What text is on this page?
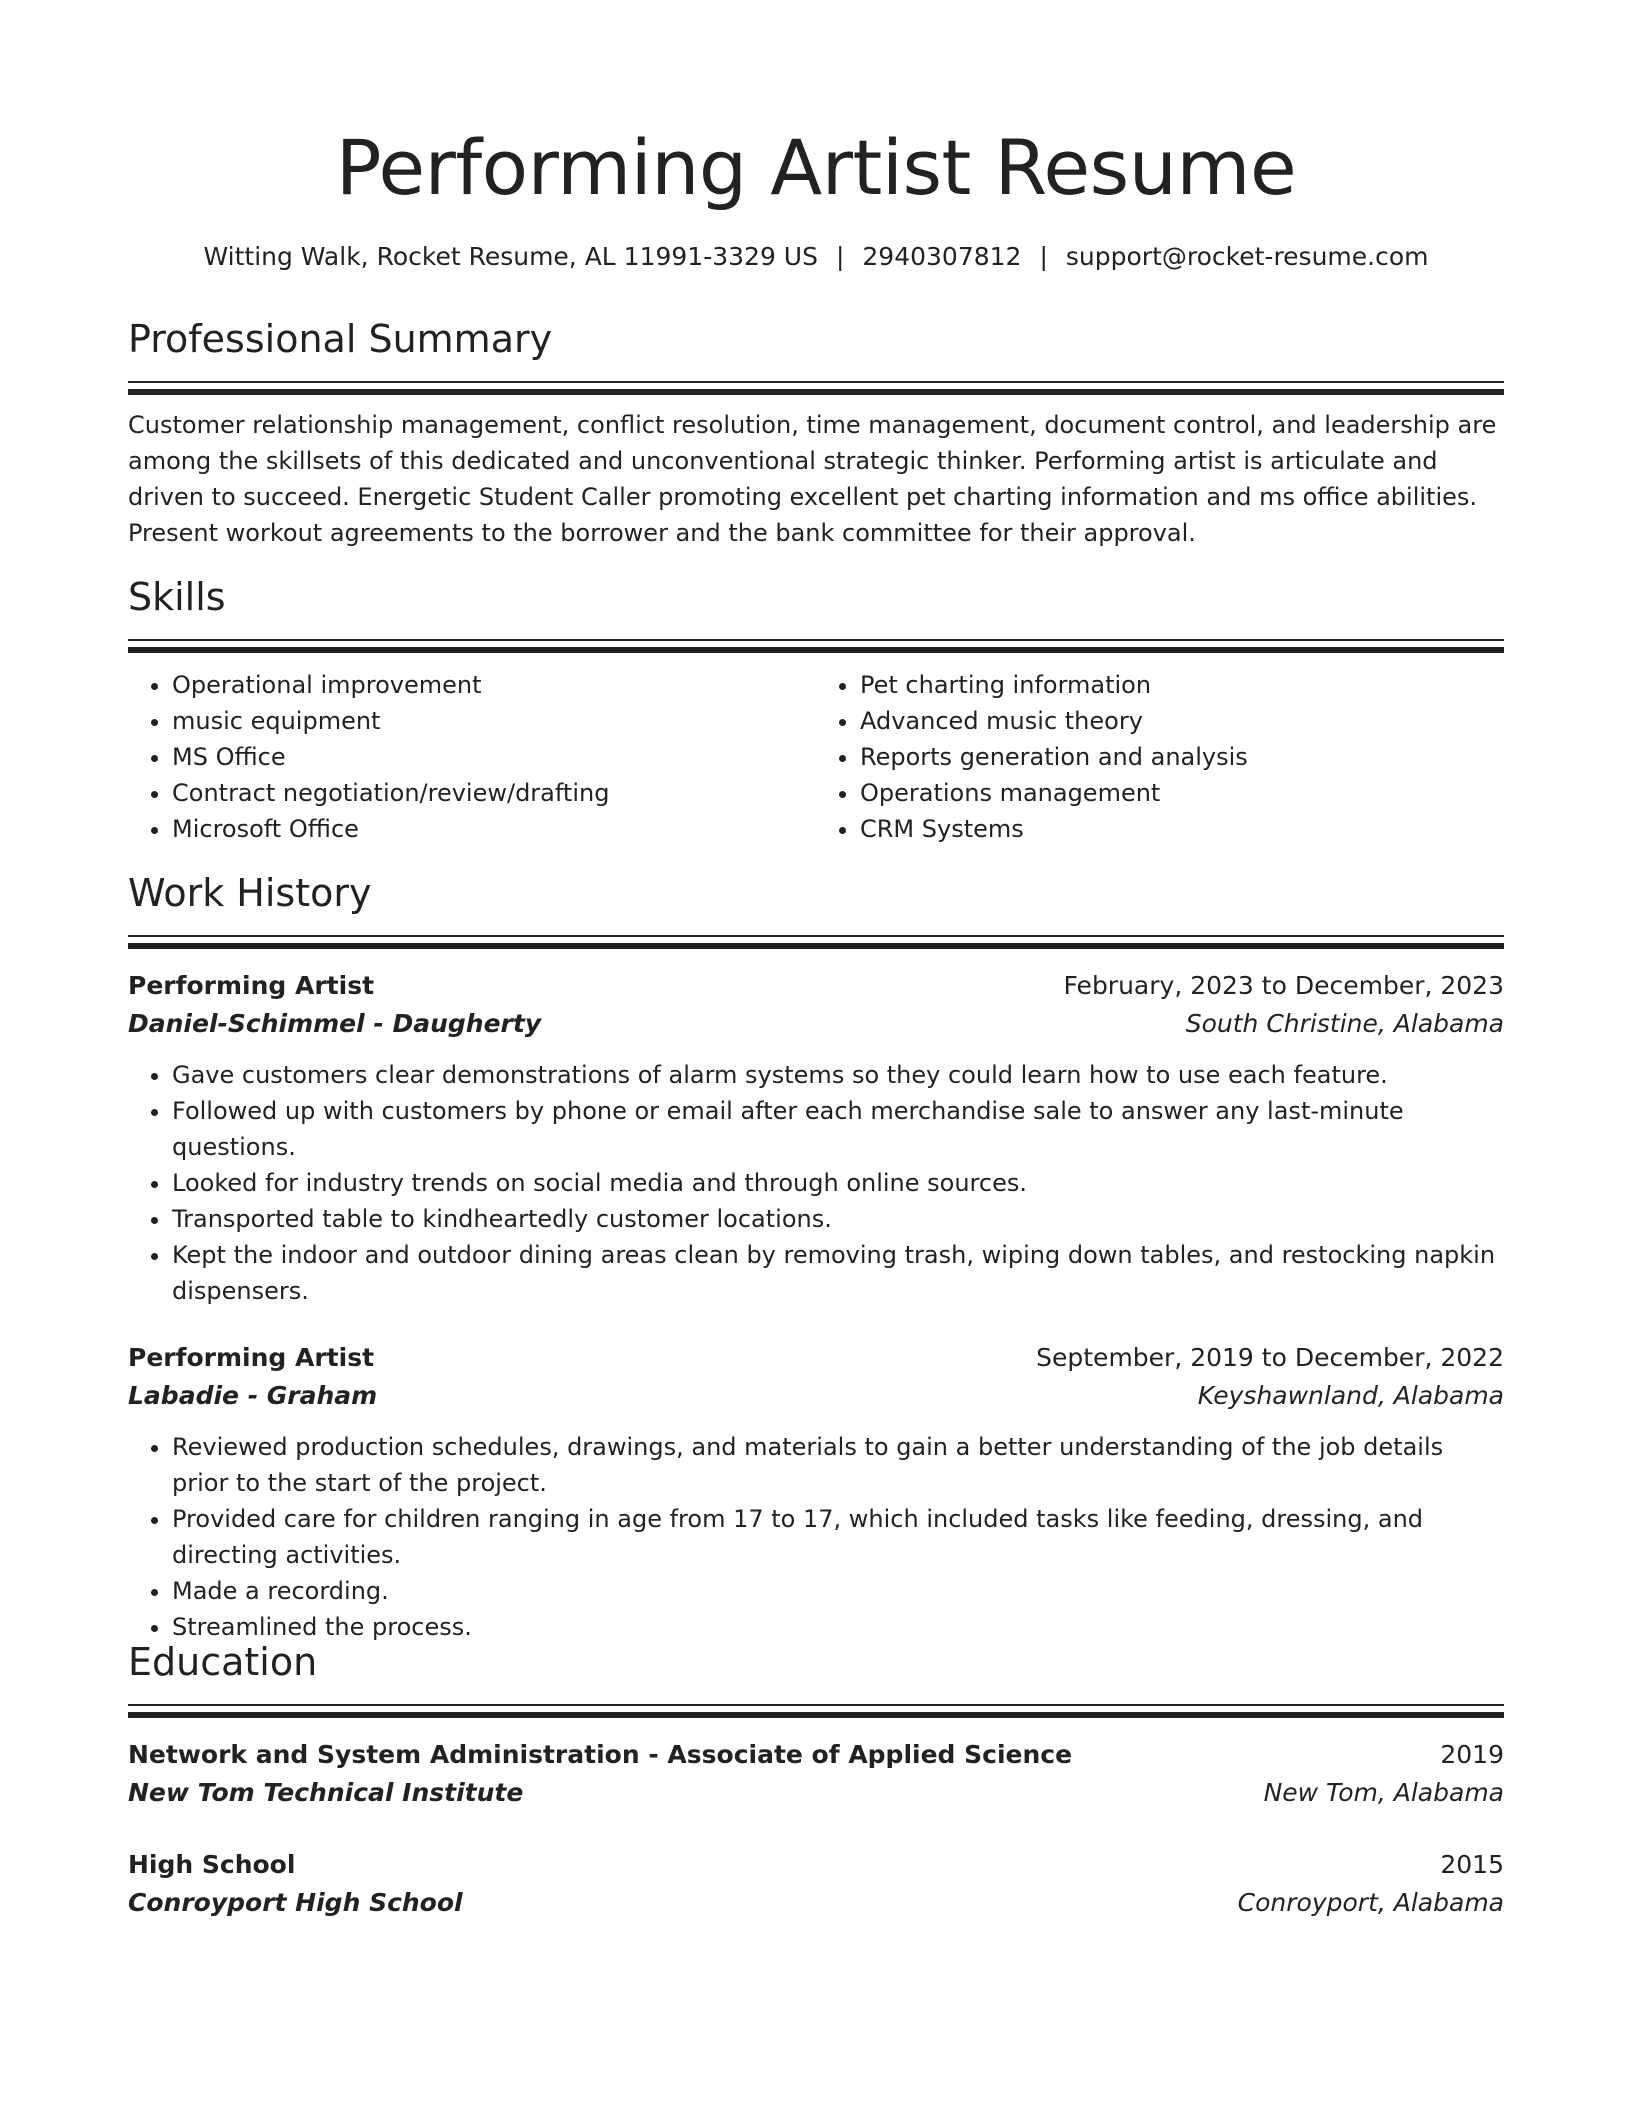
Performing Artist Resume
Witting Walk, Rocket Resume, AL 11991-3329 US | 2940307812 | support@rocket-resume.com
Professional Summary

Customer relationship management, conflict resolution, time management, document control, and leadership are among the skillsets of this dedicated and unconventional strategic thinker. Performing artist is articulate and driven to succeed. Energetic Student Caller promoting excellent pet charting information and ms office abilities. Present workout agreements to the borrower and the bank committee for their approval.

Skills
• Operational improvement
• music equipment
• MS Office
• Contract negotiation/review/drafting
• Microsoft Office
• Pet charting information
• Advanced music theory
• Reports generation and analysis
• Operations management
• CRM Systems
Work History
Performing Artist	February, 2023 to December, 2023
Daniel-Schimmel - Daugherty	South Christine, Alabama
• Gave customers clear demonstrations of alarm systems so they could learn how to use each feature.
• Followed up with customers by phone or email after each merchandise sale to answer any last-minute questions.
• Looked for industry trends on social media and through online sources.
• Transported table to kindheartedly customer locations.
• Kept the indoor and outdoor dining areas clean by removing trash, wiping down tables, and restocking napkin dispensers.
Performing Artist	September, 2019 to December, 2022
Labadie - Graham	Keyshawnland, Alabama
• Reviewed production schedules, drawings, and materials to gain a better understanding of the job details prior to the start of the project.
• Provided care for children ranging in age from 17 to 17, which included tasks like feeding, dressing, and directing activities.
• Made a recording.
• Streamlined the process.
Education
Network and System Administration - Associate of Applied Science	2019
New Tom Technical Institute	New Tom, Alabama
High School	2015
Conroyport High School	Conroyport, Alabama
